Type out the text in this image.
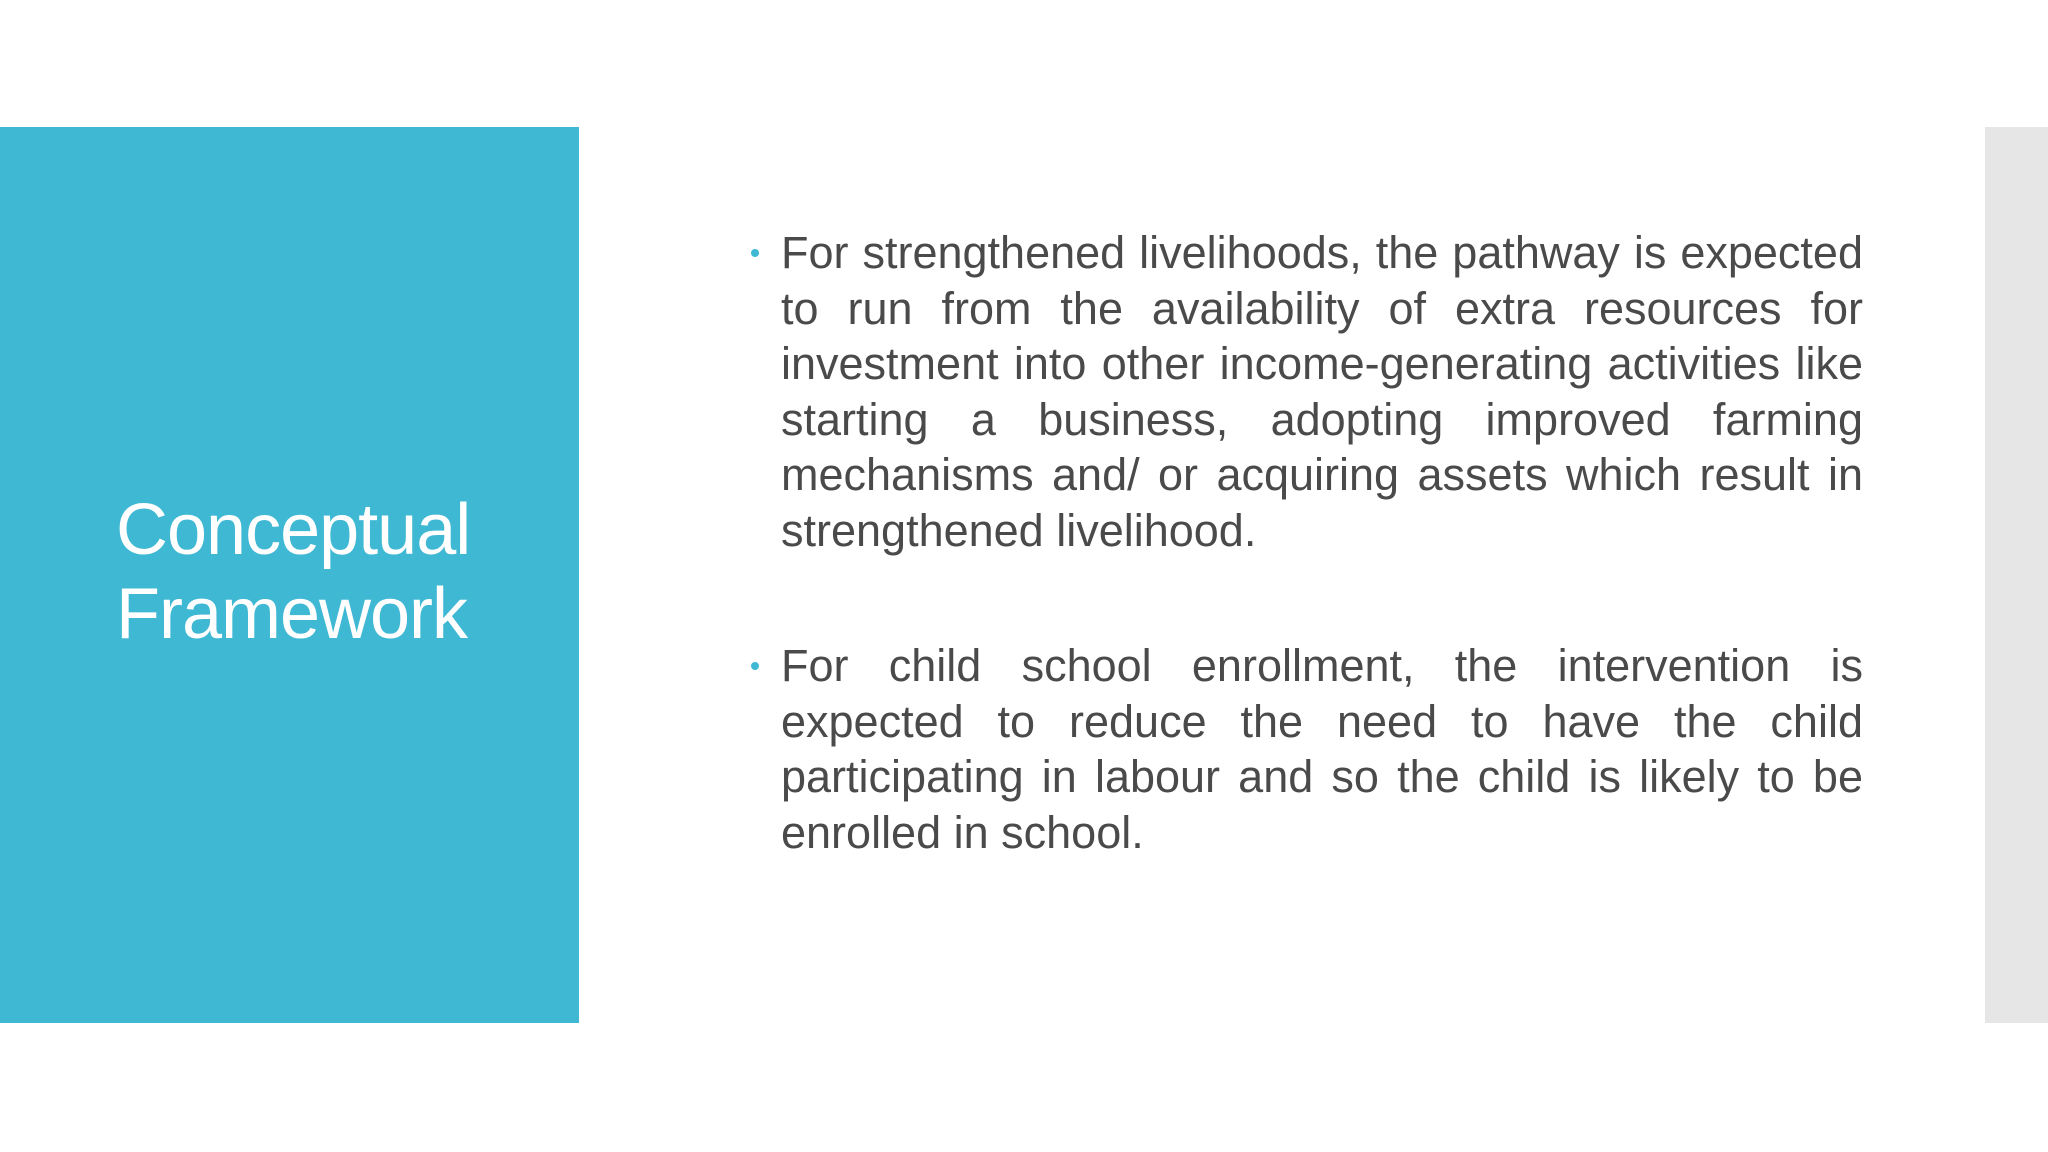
Conceptual
Framework
For strengthened livelihoods, the pathway is expected to run from the availability of extra resources for investment into other income-generating activities like starting a business, adopting improved farming mechanisms and/ or acquiring assets which result in strengthened livelihood.
For child school enrollment, the intervention is expected to reduce the need to have the child participating in labour and so the child is likely to be enrolled in school.
